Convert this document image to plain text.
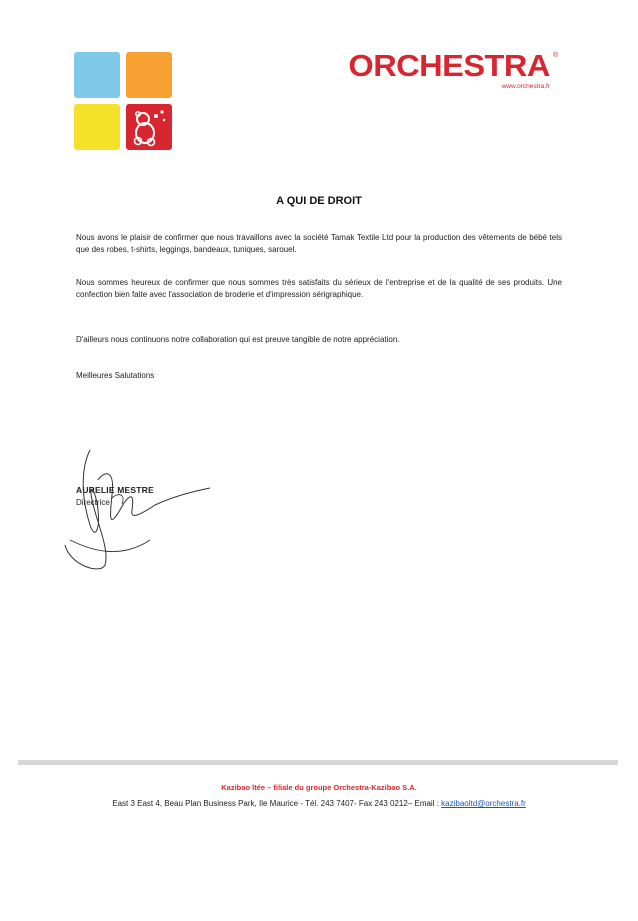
ORCHESTRA ®
www.orchestra.fr
A QUI DE DROIT
Nous avons le plaisir de confirmer que nous travaillons avec la société Tamak Textile Ltd pour la production des vêtements de bébé tels que des robes, t-shirts, leggings, bandeaux, tuniques, sarouel.
Nous sommes heureux de confirmer que nous sommes très satisfaits du sérieux de l'entreprise et de la qualité de ses produits. Une confection bien faite avec l'association de broderie et d'impression sérigraphique.
D'ailleurs nous continuons notre collaboration qui est preuve tangible de notre appréciation.
Meilleures Salutations
AURELIE MESTRE
Directrice
Kazibao ltée – filiale du groupe Orchestra-Kazibao S.A.
East 3 East 4, Beau Plan Business Park, Ile Maurice - Tél. 243 7407- Fax 243 0212– Email : kazibaoltd@orchestra.fr
